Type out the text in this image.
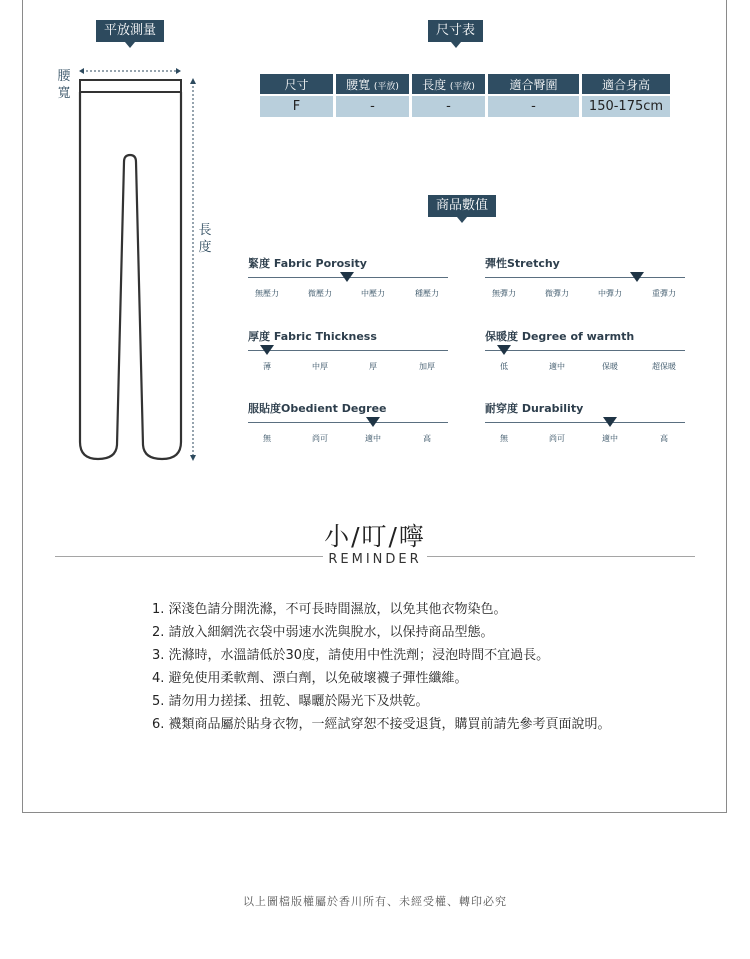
平放測量
腰寬
長度
尺寸表
尺寸	腰寬 (平放)	長度 (平放)	適合臀圍	適合身高
F	-	-	-	150-175cm
商品數值
緊度 Fabric Porosity
無壓力	微壓力	中壓力	種壓力
彈性Stretchy
無彈力	微彈力	中彈力	重彈力
厚度 Fabric Thickness
薄	中厚	厚	加厚
保暖度 Degree of warmth
低	適中	保暖	超保暖
服貼度Obedient Degree
無	尚可	適中	高
耐穿度 Durability
無	尚可	適中	高
小/叮/嚀
REMINDER
1. 深淺色請分開洗滌，不可長時間濕放，以免其他衣物染色。
2. 請放入細網洗衣袋中弱速水洗與脫水，以保持商品型態。
3. 洗滌時，水溫請低於30度，請使用中性洗劑；浸泡時間不宜過長。
4. 避免使用柔軟劑、漂白劑，以免破壞襪子彈性纖維。
5. 請勿用力搓揉、扭乾、曝曬於陽光下及烘乾。
6. 襪類商品屬於貼身衣物，一經試穿恕不接受退貨，購買前請先參考頁面說明。
以上圖檔版權屬於香川所有、未經受權、轉印必究
